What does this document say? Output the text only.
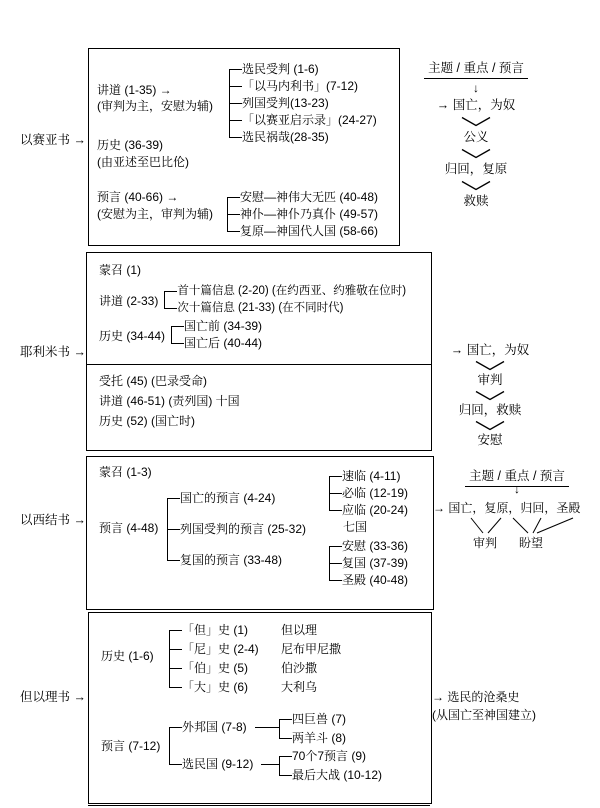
以赛亚书 →
耶利米书 →
以西结书 →
但以理书 →
讲道 (1-35) →
(审判为主，安慰为辅)
选民受判 (1-6)
「以马内利书」(7-12)
列国受判(13-23)
「以赛亚启示录」(24-27)
选民祸哉(28-35)
历史 (36-39)
(由亚述至巴比伦)
预言 (40-66) →
(安慰为主，审判为辅)
安慰—神伟大无匹 (40-48)
神仆—神仆乃真仆 (49-57)
复原—神国代人国 (58-66)
主题 / 重点 / 预言
↓
→ 国亡，为奴
公义
归回，复原
救赎
蒙召 (1)
讲道 (2-33)
首十篇信息 (2-20) (在约西亚、约雅敬在位时)
次十篇信息 (21-33) (在不同时代)
历史 (34-44)
国亡前 (34-39)
国亡后 (40-44)
受托 (45) (巴录受命)
讲道 (46-51) (责列国) 十国
历史 (52) (国亡时)
→ 国亡，为奴
审判
归回，救赎
安慰
蒙召 (1-3)
预言 (4-48)
国亡的预言 (4-24)
列国受判的预言 (25-32)
复国的预言 (33-48)
速临 (4-11)
必临 (12-19)
应临 (20-24)
七国
安慰 (33-36)
复国 (37-39)
圣殿 (40-48)
主题 / 重点 / 预言
↓
→ 国亡，复原，归回，圣殿
审判 盼望
历史 (1-6)
「但」史 (1)
「尼」史 (2-4)
「伯」史 (5)
「大」史 (6)
但以理
尼布甲尼撒
伯沙撒
大利乌
预言 (7-12)
外邦国 (7-8)
选民国 (9-12)
四巨兽 (7)
两羊斗 (8)
70个7预言 (9)
最后大战 (10-12)
→ 选民的沧桑史
(从国亡至神国建立)
